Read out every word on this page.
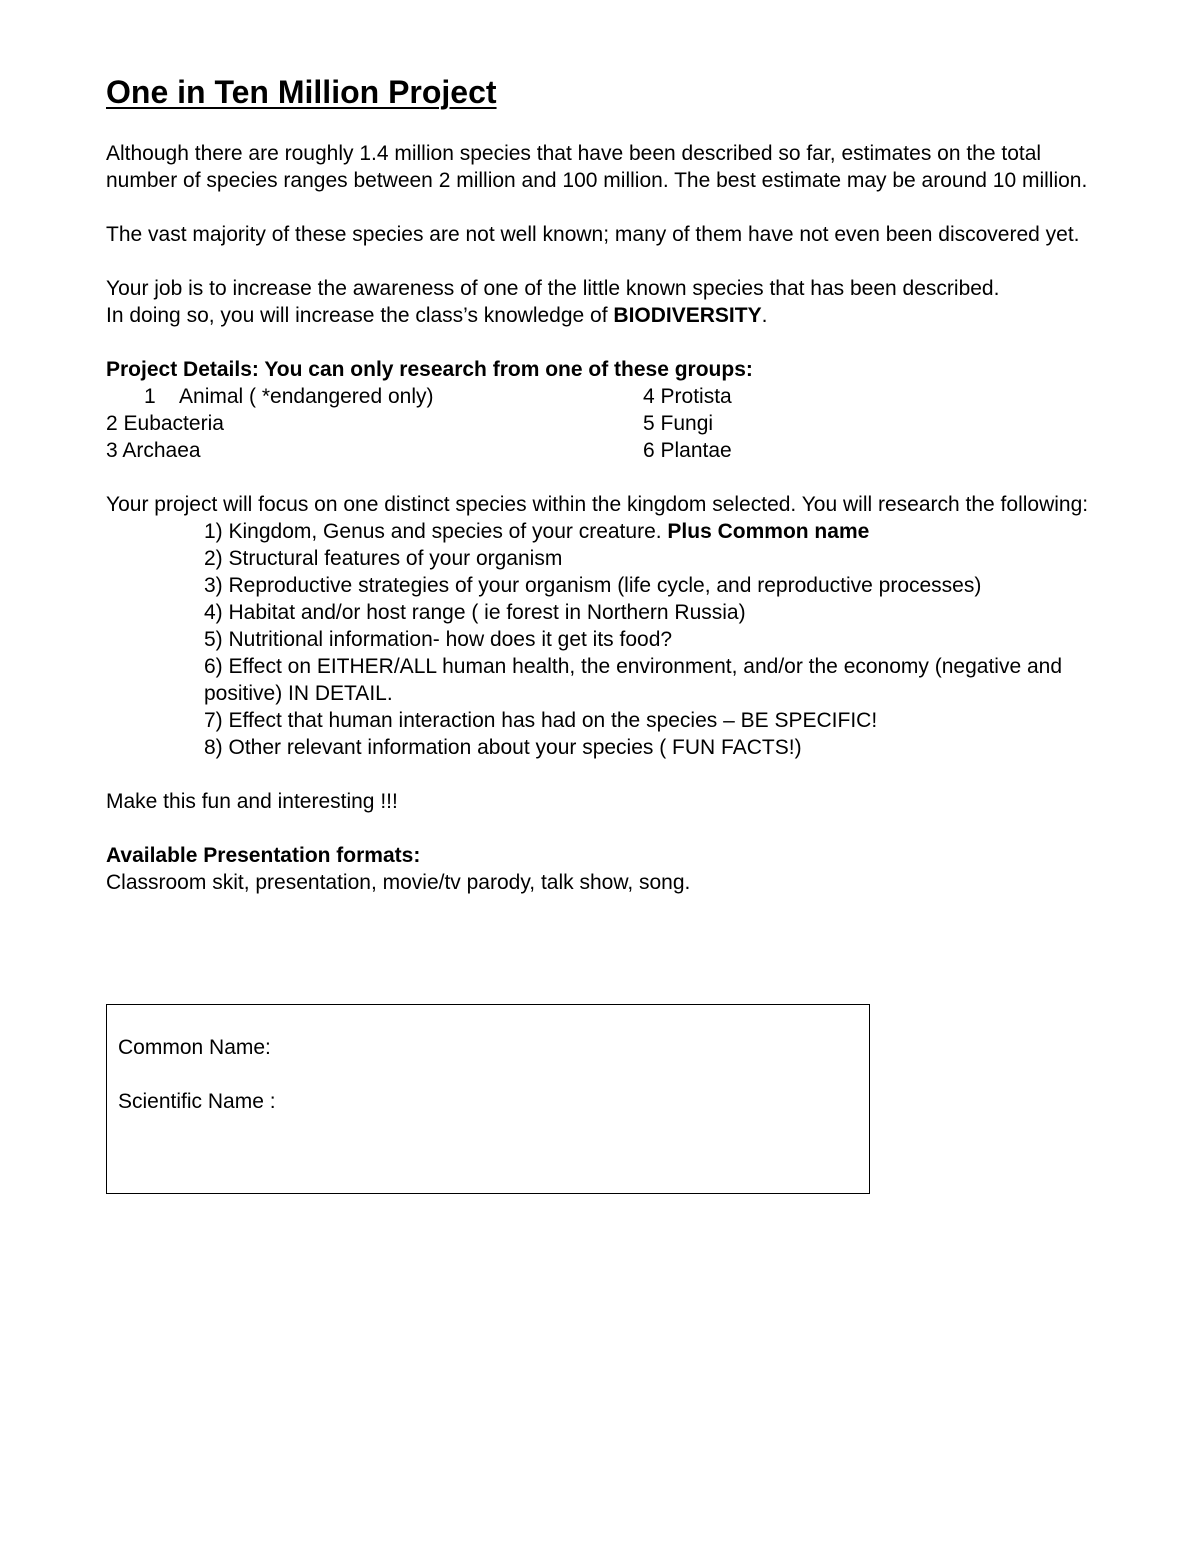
One in Ten Million Project

Although there are roughly 1.4 million species that have been described so far, estimates on the total number of species ranges between 2 million and 100 million. The best estimate may be around 10 million.

The vast majority of these species are not well known; many of them have not even been discovered yet.

Your job is to increase the awareness of one of the little known species that has been described.
In doing so, you will increase the class’s knowledge of BIODIVERSITY.

Project Details: You can only research from one of these groups:

1 Animal ( *endangered only)
2 Eubacteria
3 Archaea
4 Protista
5 Fungi
6 Plantae

Your project will focus on one distinct species within the kingdom selected. You will research the following:

1) Kingdom, Genus and species of your creature. Plus Common name
2) Structural features of your organism
3) Reproductive strategies of your organism (life cycle, and reproductive processes)
4) Habitat and/or host range ( ie forest in Northern Russia)
5) Nutritional information- how does it get its food?
6) Effect on EITHER/ALL human health, the environment, and/or the economy (negative and positive) IN DETAIL.
7) Effect that human interaction has had on the species – BE SPECIFIC!
8) Other relevant information about your species ( FUN FACTS!)

Make this fun and interesting !!!

Available Presentation formats:

Classroom skit, presentation, movie/tv parody, talk show, song.

Common Name:
Scientific Name :
